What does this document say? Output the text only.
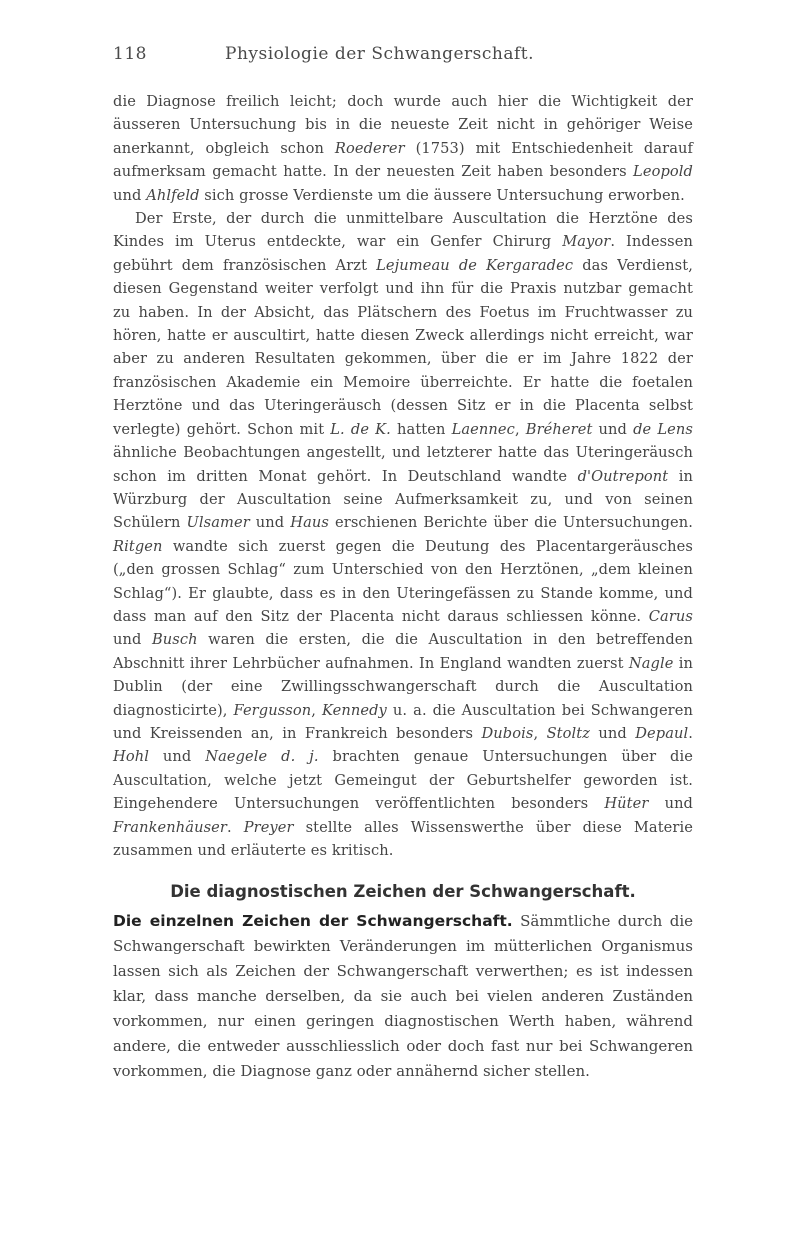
118	Physiologie der Schwangerschaft.

die Diagnose freilich leicht; doch wurde auch hier die Wichtigkeit der äusseren Untersuchung bis in die neueste Zeit nicht in gehöriger Weise anerkannt, obgleich schon Roederer (1753) mit Entschiedenheit darauf aufmerksam gemacht hatte. In der neuesten Zeit haben besonders Leopold und Ahlfeld sich grosse Verdienste um die äussere Untersuchung erworben.

Der Erste, der durch die unmittelbare Auscultation die Herztöne des Kindes im Uterus entdeckte, war ein Genfer Chirurg Mayor. Indessen gebührt dem französischen Arzt Lejumeau de Kergaradec das Verdienst, diesen Gegenstand weiter verfolgt und ihn für die Praxis nutzbar gemacht zu haben. In der Absicht, das Plätschern des Foetus im Fruchtwasser zu hören, hatte er auscultirt, hatte diesen Zweck allerdings nicht erreicht, war aber zu anderen Resultaten gekommen, über die er im Jahre 1822 der französischen Akademie ein Memoire überreichte. Er hatte die foetalen Herztöne und das Uteringeräusch (dessen Sitz er in die Placenta selbst verlegte) gehört. Schon mit L. de K. hatten Laennec, Bréheret und de Lens ähnliche Beobachtungen angestellt, und letzterer hatte das Uteringeräusch schon im dritten Monat gehört. In Deutschland wandte d'Outrepont in Würzburg der Auscultation seine Aufmerksamkeit zu, und von seinen Schülern Ulsamer und Haus erschienen Berichte über die Untersuchungen. Ritgen wandte sich zuerst gegen die Deutung des Placentargeräusches („den grossen Schlag“ zum Unterschied von den Herztönen, „dem kleinen Schlag“). Er glaubte, dass es in den Uteringefässen zu Stande komme, und dass man auf den Sitz der Placenta nicht daraus schliessen könne. Carus und Busch waren die ersten, die die Auscultation in den betreffenden Abschnitt ihrer Lehrbücher aufnahmen. In England wandten zuerst Nagle in Dublin (der eine Zwillingsschwangerschaft durch die Auscultation diagnosticirte), Fergusson, Kennedy u. a. die Auscultation bei Schwangeren und Kreissenden an, in Frankreich besonders Dubois, Stoltz und Depaul. Hohl und Naegele d. j. brachten genaue Untersuchungen über die Auscultation, welche jetzt Gemeingut der Geburtshelfer geworden ist. Eingehendere Untersuchungen veröffentlichten besonders Hüter und Frankenhäuser. Preyer stellte alles Wissenswerthe über diese Materie zusammen und erläuterte es kritisch.

Die diagnostischen Zeichen der Schwangerschaft.

Die einzelnen Zeichen der Schwangerschaft. Sämmtliche durch die Schwangerschaft bewirkten Veränderungen im mütterlichen Organismus lassen sich als Zeichen der Schwangerschaft verwerthen; es ist indessen klar, dass manche derselben, da sie auch bei vielen anderen Zuständen vorkommen, nur einen geringen diagnostischen Werth haben, während andere, die entweder ausschliesslich oder doch fast nur bei Schwangeren vorkommen, die Diagnose ganz oder annähernd sicher stellen.
